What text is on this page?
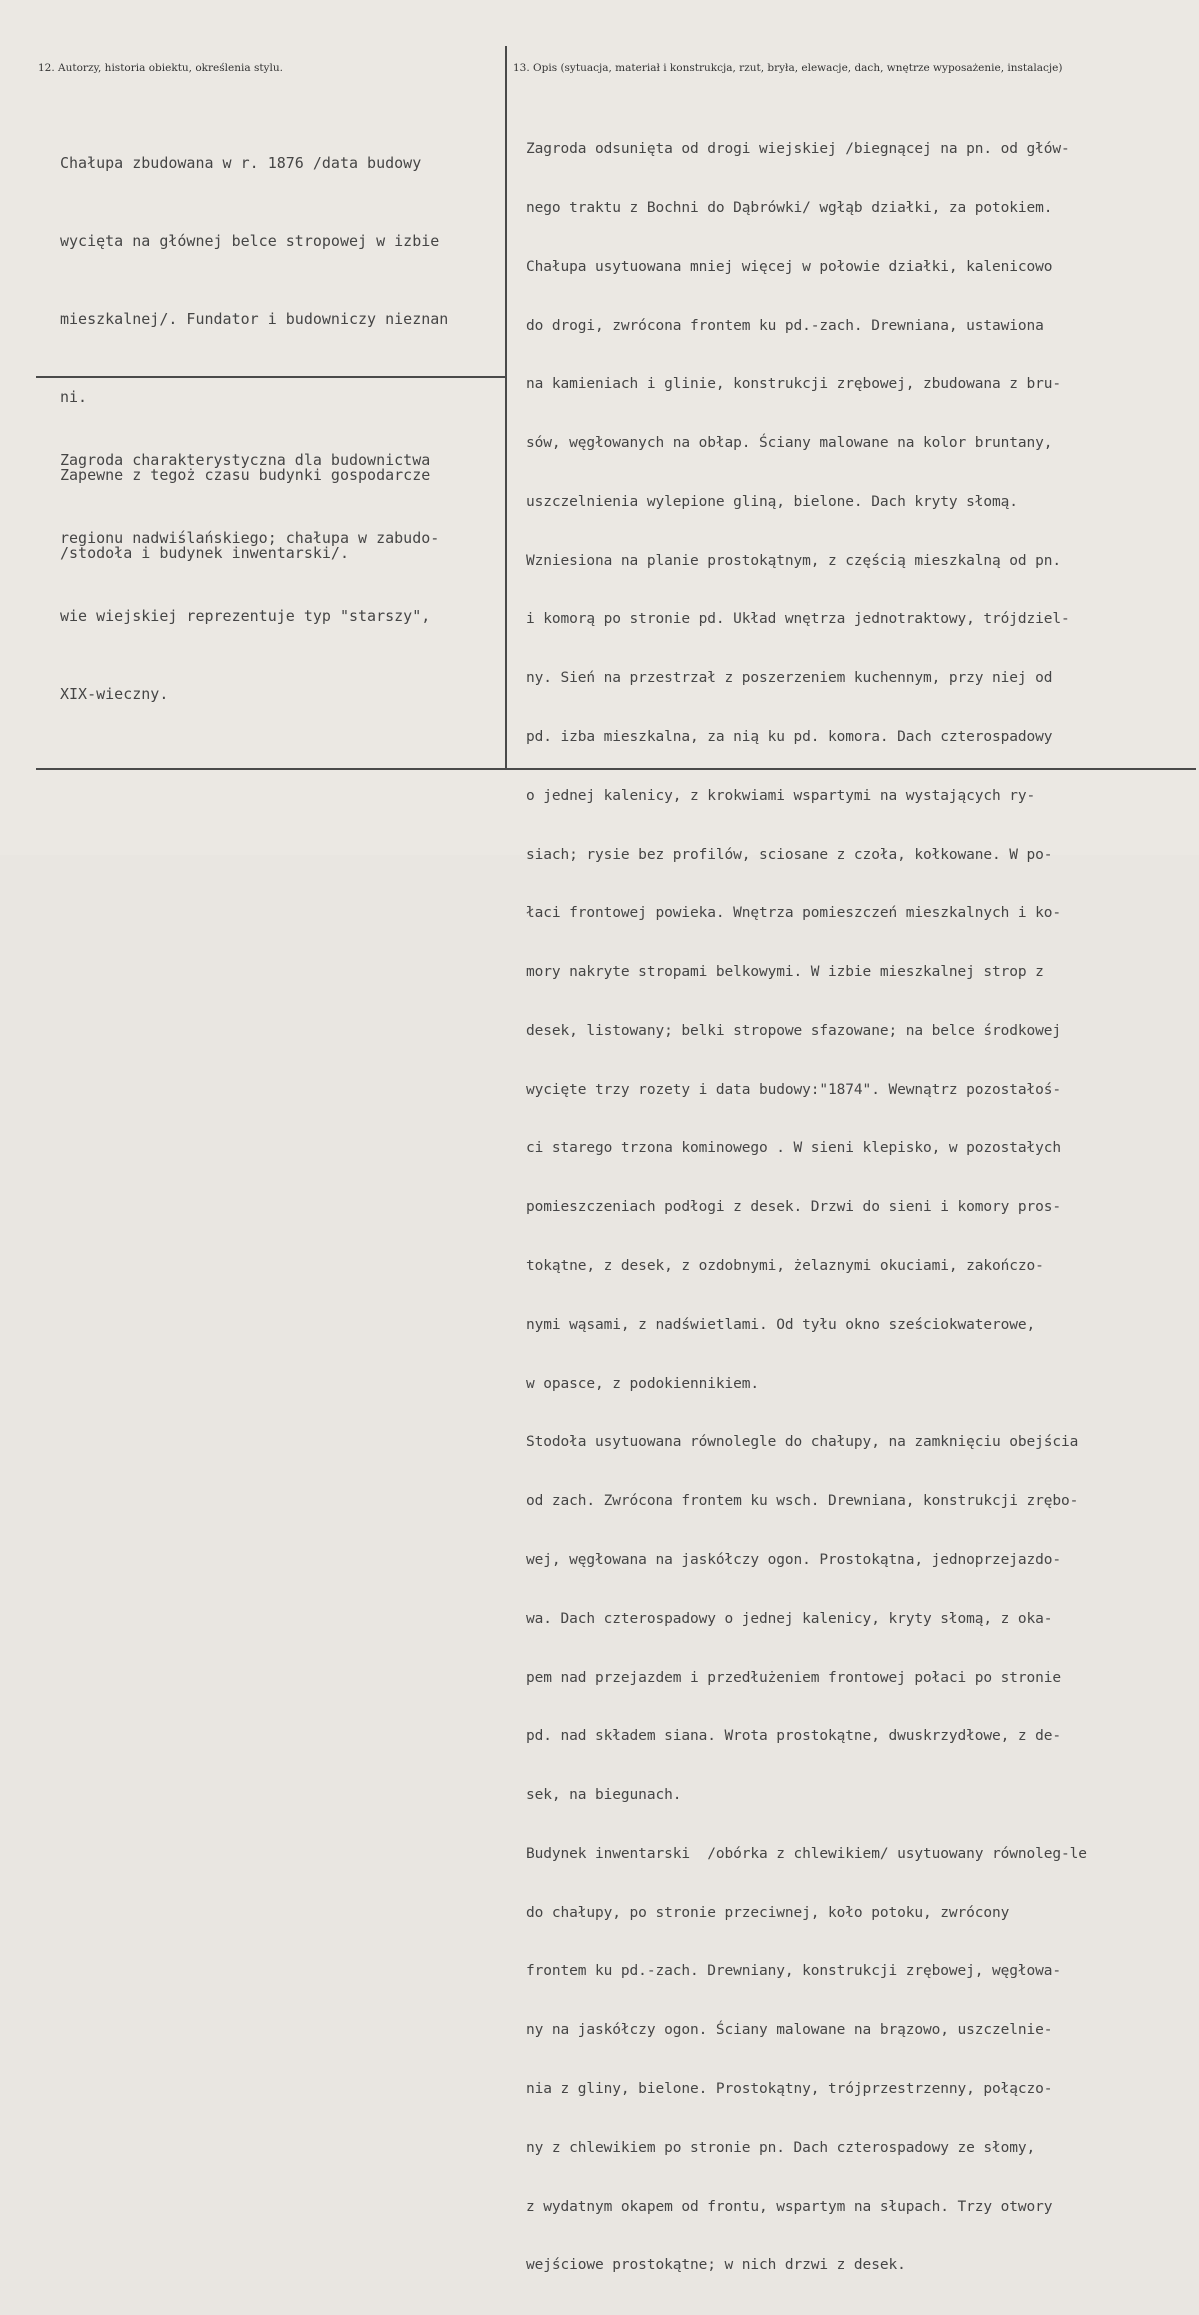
12. Autorzy, historia obiektu, określenia stylu.	13. Opis (sytuacja, materiał i konstrukcja, rzut, bryła, elewacje, dach, wnętrze wyposażenie, instalacje)

Chałupa zbudowana w r. 1876 /data budowy

wycięta na głównej belce stropowej w izbie

mieszkalnej/. Fundator i budowniczy nieznan

ni.

Zapewne z tegoż czasu budynki gospodarcze

/stodoła i budynek inwentarski/.

Zagroda charakterystyczna dla budownictwa

regionu nadwiślańskiego; chałupa w zabudo-

wie wiejskiej reprezentuje typ "starszy",

XIX-wieczny.

Zagroda odsunięta od drogi wiejskiej /biegnącej na pn. od głów-

nego traktu z Bochni do Dąbrówki/ wgłąb działki, za potokiem.

Chałupa usytuowana mniej więcej w połowie działki, kalenicowo

do drogi, zwrócona frontem ku pd.-zach. Drewniana, ustawiona

na kamieniach i glinie, konstrukcji zrębowej, zbudowana z bru-

sów, węgłowanych na obłap. Ściany malowane na kolor bruntany,

uszczelnienia wylepione gliną, bielone. Dach kryty słomą.

Wzniesiona na planie prostokątnym, z częścią mieszkalną od pn.

i komorą po stronie pd. Układ wnętrza jednotraktowy, trójdziel-

ny. Sień na przestrzał z poszerzeniem kuchennym, przy niej od

pd. izba mieszkalna, za nią ku pd. komora. Dach czterospadowy

o jednej kalenicy, z krokwiami wspartymi na wystających ry-

siach; rysie bez profilów, sciosane z czoła, kołkowane. W po-

łaci frontowej powieka. Wnętrza pomieszczeń mieszkalnych i ko-

mory nakryte stropami belkowymi. W izbie mieszkalnej strop z

desek, listowany; belki stropowe sfazowane; na belce środkowej

wycięte trzy rozety i data budowy:"1874". Wewnątrz pozostałoś-

ci starego trzona kominowego . W sieni klepisko, w pozostałych

pomieszczeniach podłogi z desek. Drzwi do sieni i komory pros-

tokątne, z desek, z ozdobnymi, żelaznymi okuciami, zakończo-

nymi wąsami, z nadświetlami. Od tyłu okno sześciokwaterowe,

w opasce, z podokiennikiem.

Stodoła usytuowana równolegle do chałupy, na zamknięciu obejścia

od zach. Zwrócona frontem ku wsch. Drewniana, konstrukcji zrębo-

wej, węgłowana na jaskółczy ogon. Prostokątna, jednoprzejazdo-

wa. Dach czterospadowy o jednej kalenicy, kryty słomą, z oka-

pem nad przejazdem i przedłużeniem frontowej połaci po stronie

pd. nad składem siana. Wrota prostokątne, dwuskrzydłowe, z de-

sek, na biegunach.

Budynek inwentarski  /obórka z chlewikiem/ usytuowany równoleg-le

do chałupy, po stronie przeciwnej, koło potoku, zwrócony

frontem ku pd.-zach. Drewniany, konstrukcji zrębowej, węgłowa-

ny na jaskółczy ogon. Ściany malowane na brązowo, uszczelnie-

nia z gliny, bielone. Prostokątny, trójprzestrzenny, połączo-

ny z chlewikiem po stronie pn. Dach czterospadowy ze słomy,

z wydatnym okapem od frontu, wspartym na słupach. Trzy otwory

wejściowe prostokątne; w nich drzwi z desek.
